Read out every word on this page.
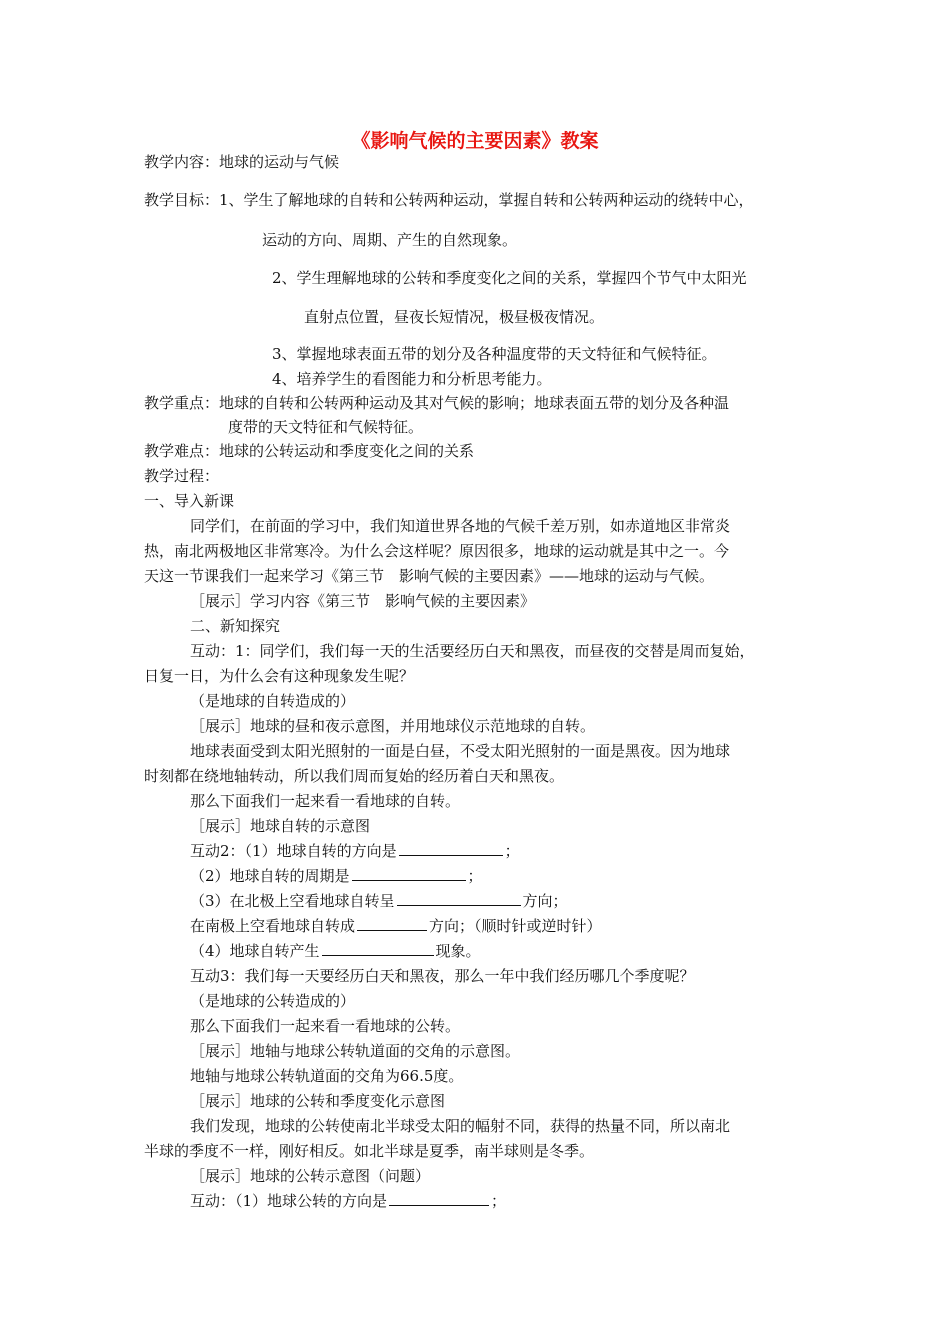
《影响气候的主要因素》教案
教学内容：地球的运动与气候
教学目标：1、学生了解地球的自转和公转两种运动，掌握自转和公转两种运动的绕转中心，
运动的方向、周期、产生的自然现象。
2、学生理解地球的公转和季度变化之间的关系，掌握四个节气中太阳光
直射点位置，昼夜长短情况，极昼极夜情况。
3、掌握地球表面五带的划分及各种温度带的天文特征和气候特征。
4、培养学生的看图能力和分析思考能力。
教学重点：地球的自转和公转两种运动及其对气候的影响；地球表面五带的划分及各种温
度带的天文特征和气候特征。
教学难点：地球的公转运动和季度变化之间的关系
教学过程：
一、导入新课
同学们，在前面的学习中，我们知道世界各地的气候千差万别，如赤道地区非常炎
热，南北两极地区非常寒冷。为什么会这样呢？原因很多，地球的运动就是其中之一。今
天这一节课我们一起来学习《第三节　影响气候的主要因素》——地球的运动与气候。
［展示］学习内容《第三节　影响气候的主要因素》
二、新知探究
互动：1：同学们，我们每一天的生活要经历白天和黑夜，而昼夜的交替是周而复始，
日复一日，为什么会有这种现象发生呢？
（是地球的自转造成的）
［展示］地球的昼和夜示意图，并用地球仪示范地球的自转。
地球表面受到太阳光照射的一面是白昼，不受太阳光照射的一面是黑夜。因为地球
时刻都在绕地轴转动，所以我们周而复始的经历着白天和黑夜。
那么下面我们一起来看一看地球的自转。
［展示］地球自转的示意图
互动2：（1）地球自转的方向是	；
（2）地球自转的周期是	；
（3）在北极上空看地球自转呈	方向；
在南极上空看地球自转成	方向；（顺时针或逆时针）
（4）地球自转产生	现象。
互动3：我们每一天要经历白天和黑夜，那么一年中我们经历哪几个季度呢？
（是地球的公转造成的）
那么下面我们一起来看一看地球的公转。
［展示］地轴与地球公转轨道面的交角的示意图。
地轴与地球公转轨道面的交角为66.5度。
［展示］地球的公转和季度变化示意图
我们发现，地球的公转使南北半球受太阳的幅射不同，获得的热量不同，所以南北
半球的季度不一样，刚好相反。如北半球是夏季，南半球则是冬季。
［展示］地球的公转示意图（问题）
互动：（1）地球公转的方向是	；
